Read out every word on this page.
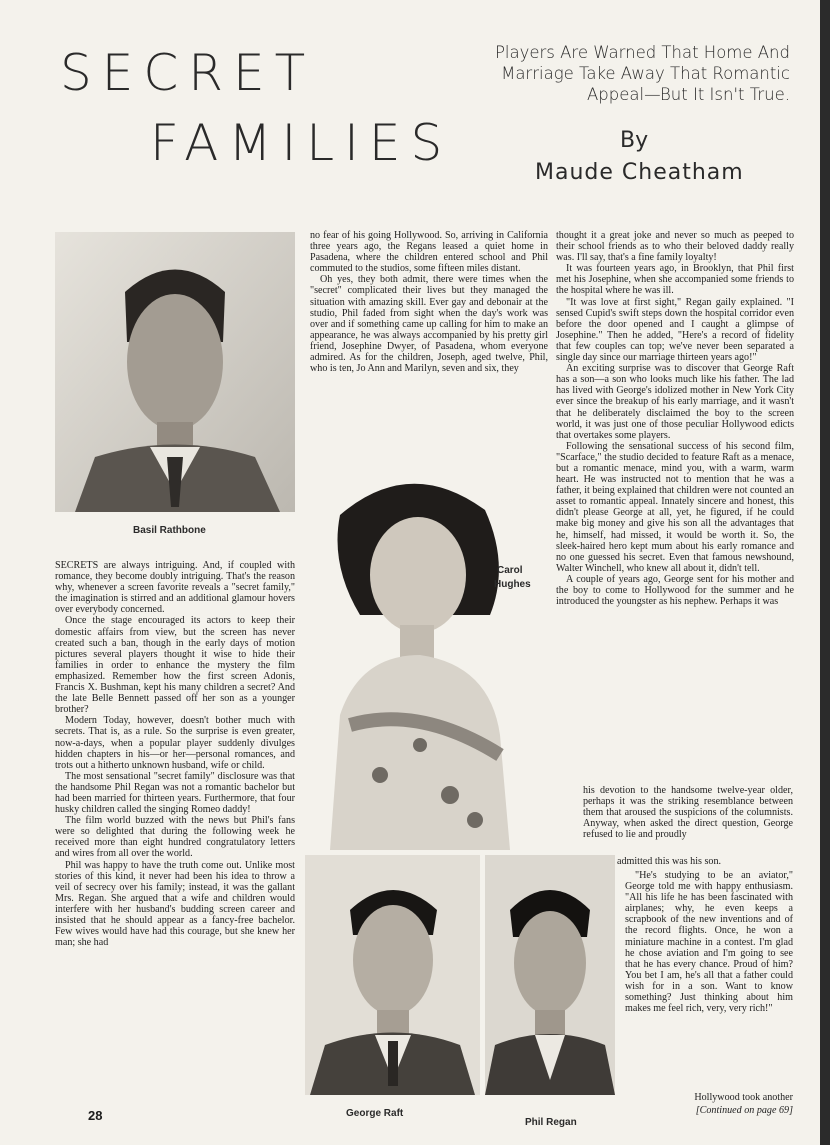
SECRET
FAMILIES
Players Are Warned That Home And Marriage Take Away That Romantic Appeal—But It Isn't True.
By
Maude Cheatham
Basil Rathbone
Carol
Hughes
George Raft
Phil Regan

SECRETS are always intriguing. And, if coupled with romance, they become doubly intriguing. That's the reason why, whenever a screen favorite reveals a "secret family," the imagination is stirred and an additional glamour hovers over everybody concerned.

Once the stage encouraged its actors to keep their domestic affairs from view, but the screen has never created such a ban, though in the early days of motion pictures several players thought it wise to hide their families in order to enhance the mystery the film emphasized. Remember how the first screen Adonis, Francis X. Bushman, kept his many children a secret? And the late Belle Bennett passed off her son as a younger brother?

Modern Today, however, doesn't bother much with secrets. That is, as a rule. So the surprise is even greater, now-a-days, when a popular player suddenly divulges hidden chapters in his—or her—personal romances, and trots out a hitherto unknown husband, wife or child.

The most sensational "secret family" disclosure was that the handsome Phil Regan was not a romantic bachelor but had been married for thirteen years. Furthermore, that four husky children called the singing Romeo daddy!

The film world buzzed with the news but Phil's fans were so delighted that during the following week he received more than eight hundred congratulatory letters and wires from all over the world.

Phil was happy to have the truth come out. Unlike most stories of this kind, it never had been his idea to throw a veil of secrecy over his family; instead, it was the gallant Mrs. Regan. She argued that a wife and children would interfere with her husband's budding screen career and insisted that he should appear as a fancy-free bachelor. Few wives would have had this courage, but she knew her man; she had

no fear of his going Hollywood. So, arriving in California three years ago, the Regans leased a quiet home in Pasadena, where the children entered school and Phil commuted to the studios, some fifteen miles distant.

Oh yes, they both admit, there were times when the "secret" complicated their lives but they managed the situation with amazing skill. Ever gay and debonair at the studio, Phil faded from sight when the day's work was over and if something came up calling for him to make an appearance, he was always accompanied by his pretty girl friend, Josephine Dwyer, of Pasadena, whom everyone admired. As for the children, Joseph, aged twelve, Phil, who is ten, Jo Ann and Marilyn, seven and six, they

thought it a great joke and never so much as peeped to their school friends as to who their beloved daddy really was. I'll say, that's a fine family loyalty!

It was fourteen years ago, in Brooklyn, that Phil first met his Josephine, when she accompanied some friends to the hospital where he was ill.

"It was love at first sight," Regan gaily explained. "I sensed Cupid's swift steps down the hospital corridor even before the door opened and I caught a glimpse of Josephine." Then he added, "Here's a record of fidelity that few couples can top; we've never been separated a single day since our marriage thirteen years ago!"

An exciting surprise was to discover that George Raft has a son—a son who looks much like his father. The lad has lived with George's idolized mother in New York City ever since the breakup of his early marriage, and it wasn't that he deliberately disclaimed the boy to the screen world, it was just one of those peculiar Hollywood edicts that overtakes some players.

Following the sensational success of his second film, "Scarface," the studio decided to feature Raft as a menace, but a romantic menace, mind you, with a warm, warm heart. He was instructed not to mention that he was a father, it being explained that children were not counted an asset to romantic appeal. Innately sincere and honest, this didn't please George at all, yet, he figured, if he could make big money and give his son all the advantages that he, himself, had missed, it would be worth it. So, the sleek-haired hero kept mum about his early romance and no one guessed his secret. Even that famous newshound, Walter Winchell, who knew all about it, didn't tell.

A couple of years ago, George sent for his mother and the boy to come to Hollywood for the summer and he introduced the youngster as his nephew. Perhaps it was

his devotion to the handsome twelve-year older, perhaps it was the striking resemblance between them that aroused the suspicions of the columnists. Anyway, when asked the direct question, George refused to lie and proudly

admitted this was his son.

"He's studying to be an aviator," George told me with happy enthusiasm. "All his life he has been fascinated with airplanes; why, he even keeps a scrapbook of the new inventions and of the record flights. Once, he won a miniature machine in a contest. I'm glad he chose aviation and I'm going to see that he has every chance. Proud of him? You bet I am, he's all that a father could wish for in a son. Want to know something? Just thinking about him makes me feel rich, very, very rich!"

Hollywood took another

[Continued on page 69]

28
